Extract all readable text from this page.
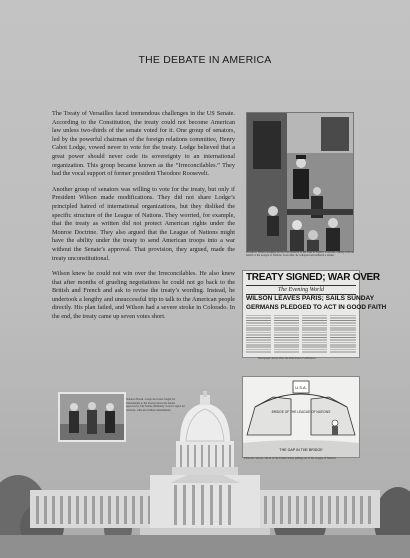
THE DEBATE IN AMERICA

The Treaty of Versailles faced tremendous challenges in the US Senate. According to the Constitution, the treaty could not become American law unless two-thirds of the senate voted for it. One group of senators, led by the powerful chairman of the foreign relations committee, Henry Cabot Lodge, vowed never to vote for the treaty. Lodge believed that a great power should never cede its sovereignty to an international organization. This group became known as the “Irreconcilables.” They had the vocal support of former president Theodore Roosevelt.

Another group of senators was willing to vote for the treaty, but only if President Wilson made modifications. They did not share Lodge’s principled hatred of international organizations, but they disliked the specific structure of the League of Nations. They worried, for example, that the treaty as written did not protect American rights under the Monroe Doctrine. They also argued that the League of Nations might have the ability under the treaty to send American troops into a war without the Senate’s approval. That provision, they argued, made the treaty unconstitutional.

Wilson knew he could not win over the Irreconcilables. He also knew that after months of grueling negotiations he could not go back to the British and French and ask to revise the treaty’s wording. Instead, he undertook a lengthy and unsuccessful trip to talk to the American people directly. His plan failed, and Wilson had a severe stroke in Colorado. In the end, the treaty came up seven votes short.

Woodrow Wilson speaking on the rear platform of his train in Pueblo, Colorado, during a trip on behalf of the League of Nations. Soon after, he collapsed and suffered a stroke.
TREATY SIGNED; WAR OVER
The Evening World
WILSON LEAVES PARIS; SAILS SUNDAY
GERMANS PLEDGED TO ACT IN GOOD FAITH
Newspaper article after the Paris Peace Conference.
Senators Borah, Lodge and Jones fought for amendments to the Treaty before the Senate approved it. The Senate ultimately voted to reject all versions, with and without amendments.
U.S.A.
BRIDGE OF THE LEAGUE OF NATIONS
THE GAP IN THE BRIDGE
Editorial cartoon critical of the United States pulling out of the League of Nations.
